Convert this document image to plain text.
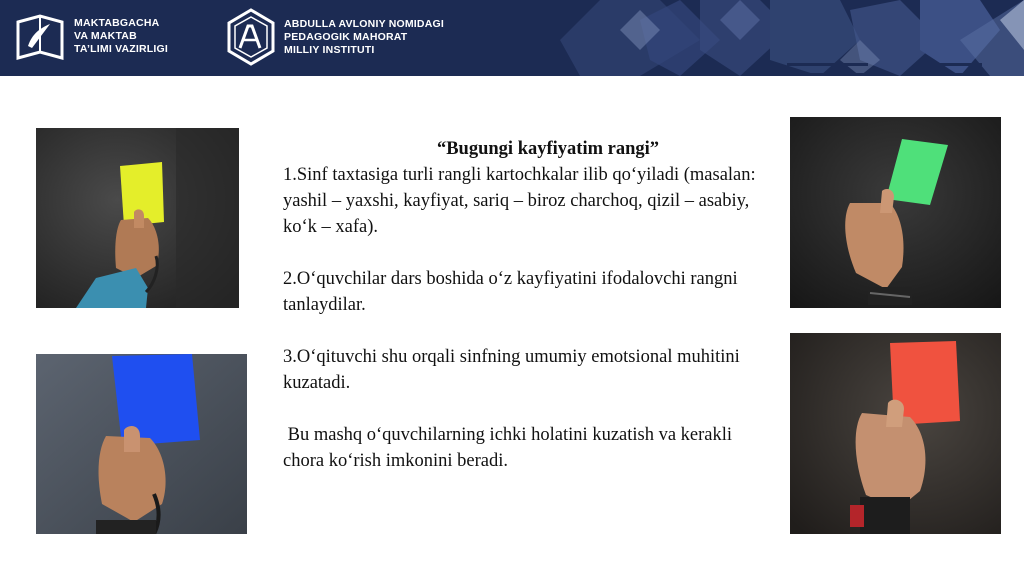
MAKTABGACHA
VA MAKTAB
TA’LIMI VAZIRLIGI
ABDULLA AVLONIY NOMIDAGI
PEDAGOGIK MAHORAT
MILLIY INSTITUTI
“Bugungi kayfiyatim rangi”

1.Sinf taxtasiga turli rangli kartochkalar ilib qo‘yiladi (masalan: yashil – yaxshi, kayfiyat, sariq – biroz charchoq, qizil – asabiy, ko‘k – xafa).

2.O‘quvchilar dars boshida o‘z kayfiyatini ifodalovchi rangni tanlaydilar.

3.O‘qituvchi shu orqali sinfning umumiy emotsional muhitini kuzatadi.

Bu mashq o‘quvchilarning ichki holatini kuzatish va kerakli chora ko‘rish imkonini beradi.
